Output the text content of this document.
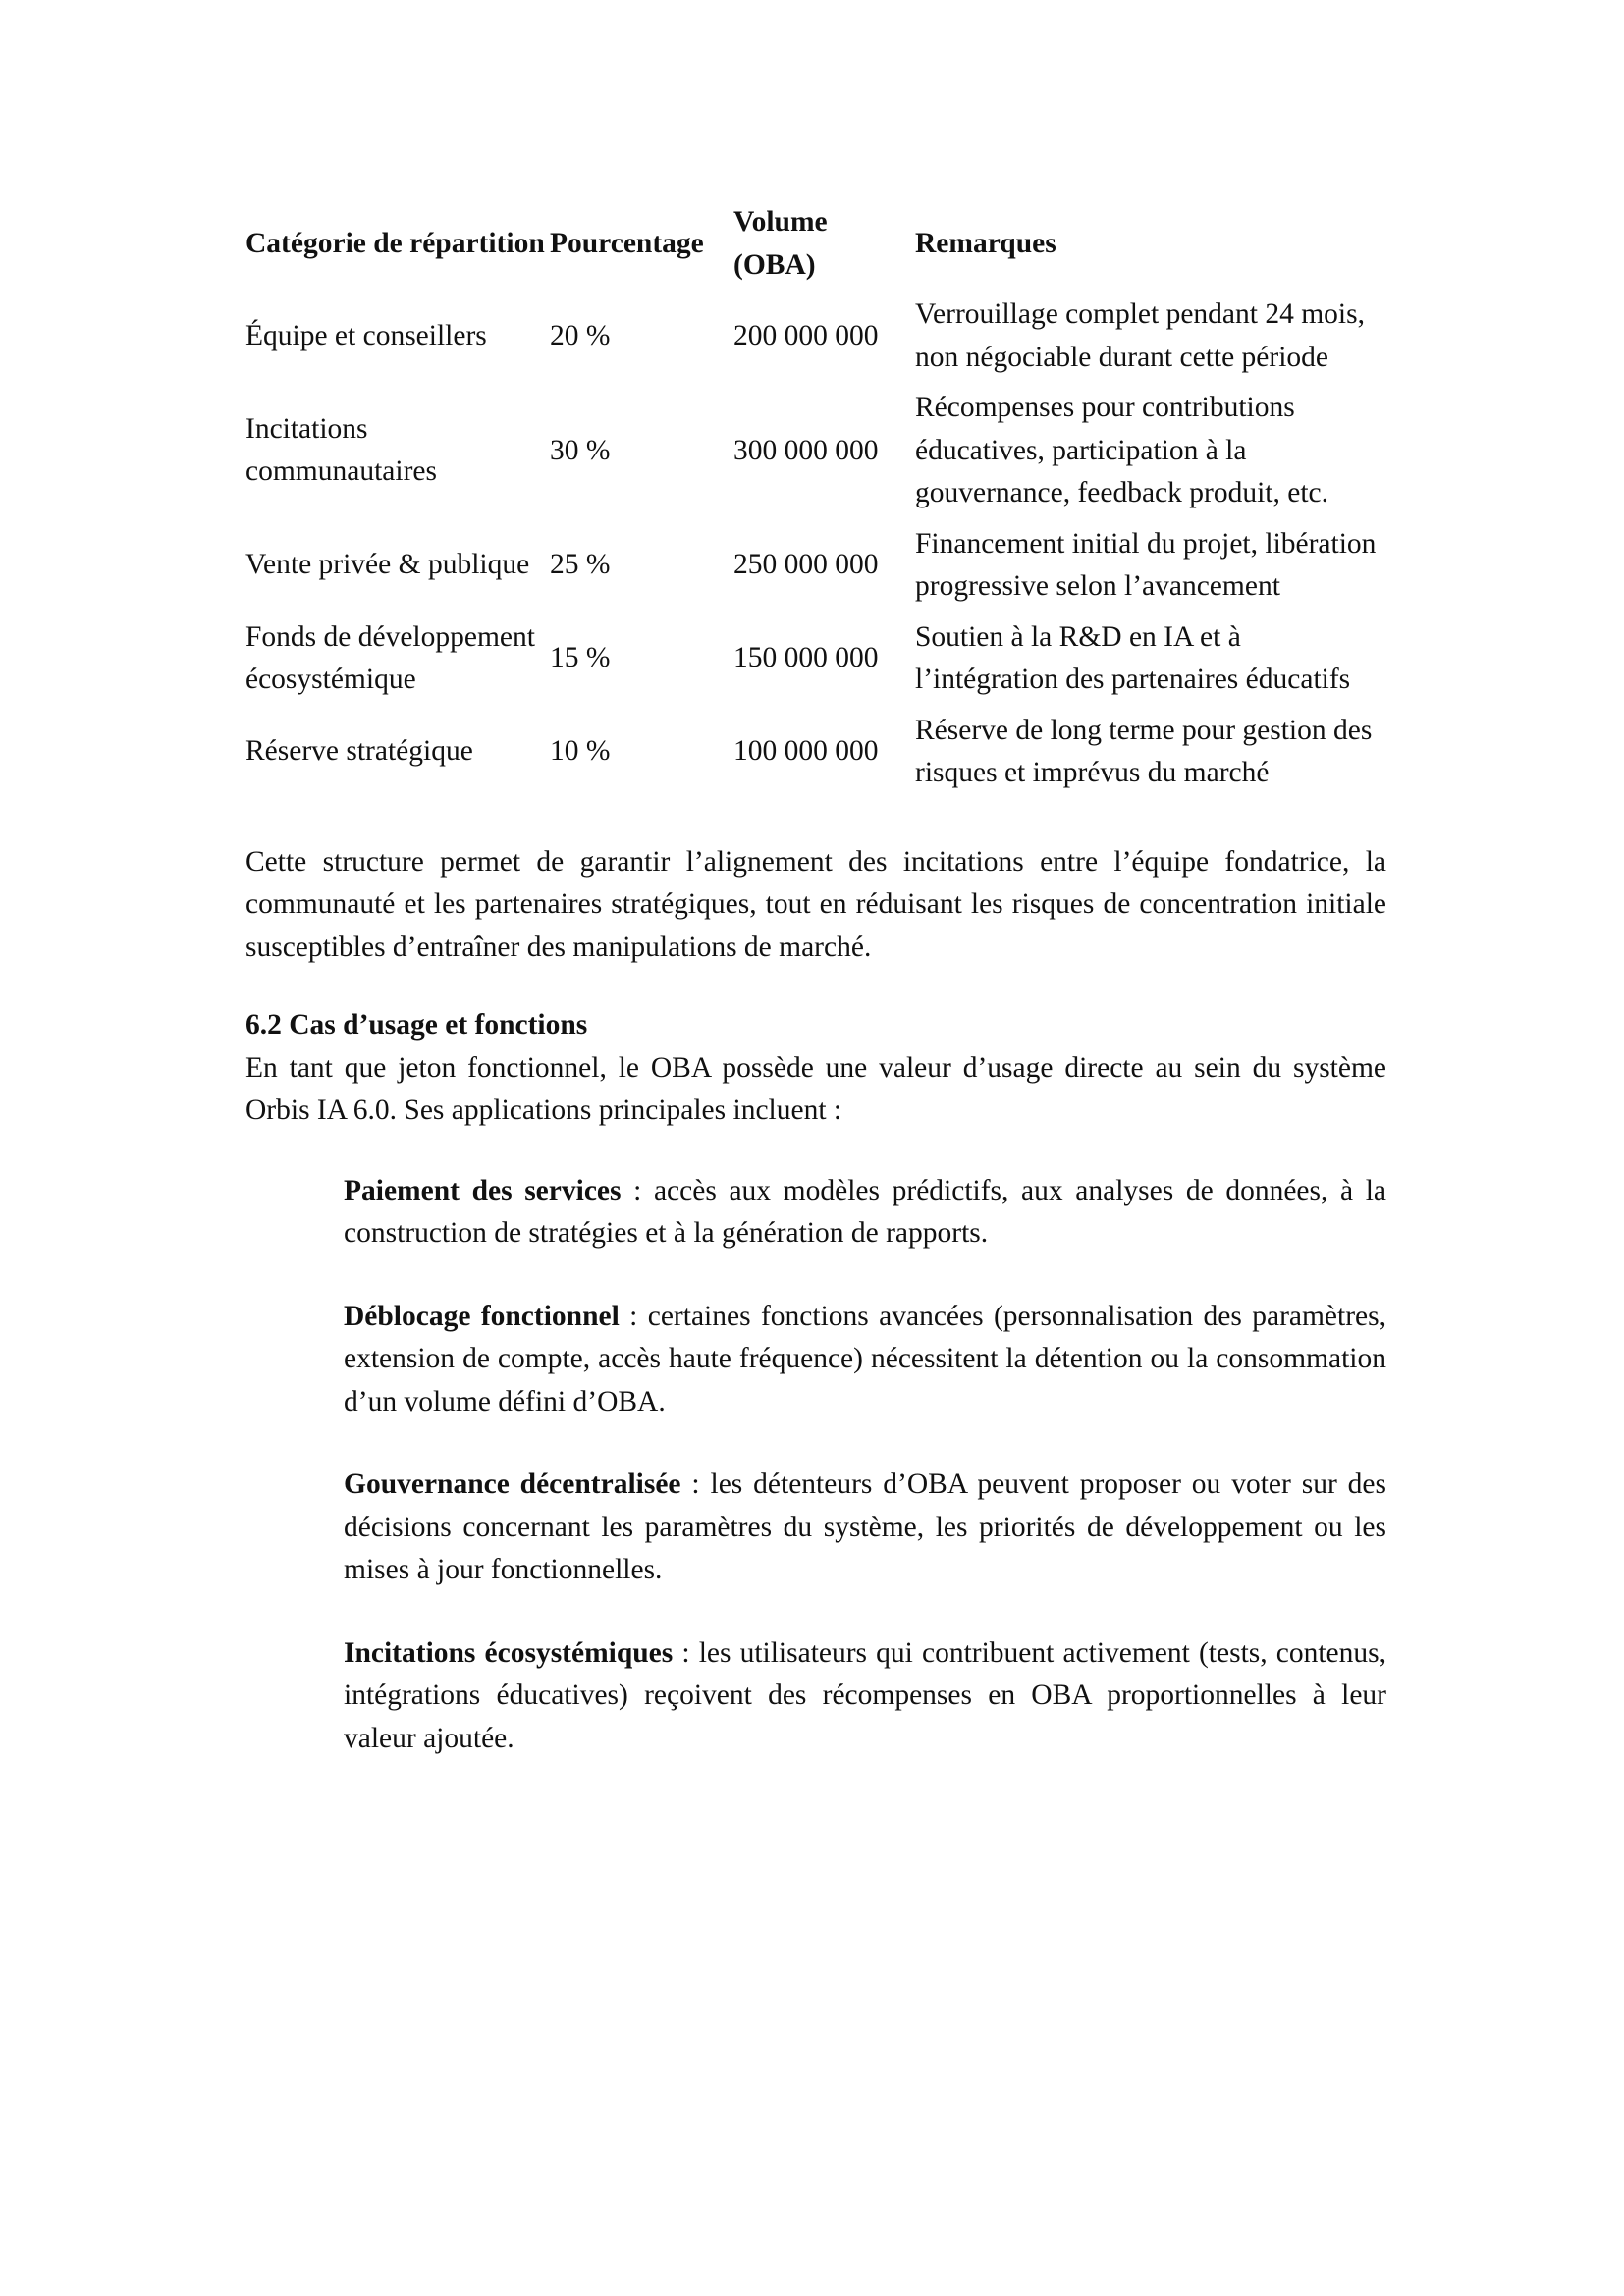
Catégorie de répartition	Pourcentage	Volume (OBA)	Remarques
Équipe et conseillers	20 %	200 000 000	Verrouillage complet pendant 24 mois, non négociable durant cette période
Incitations communautaires	30 %	300 000 000	Récompenses pour contributions éducatives, participation à la gouvernance, feedback produit, etc.
Vente privée & publique	25 %	250 000 000	Financement initial du projet, libération progressive selon l’avancement
Fonds de développement écosystémique	15 %	150 000 000	Soutien à la R&D en IA et à l’intégration des partenaires éducatifs
Réserve stratégique	10 %	100 000 000	Réserve de long terme pour gestion des risques et imprévus du marché

Cette structure permet de garantir l’alignement des incitations entre l’équipe fondatrice, la communauté et les partenaires stratégiques, tout en réduisant les risques de concentration initiale susceptibles d’entraîner des manipulations de marché.

6.2 Cas d’usage et fonctions

En tant que jeton fonctionnel, le OBA possède une valeur d’usage directe au sein du système Orbis IA 6.0. Ses applications principales incluent :

Paiement des services : accès aux modèles prédictifs, aux analyses de données, à la construction de stratégies et à la génération de rapports.

Déblocage fonctionnel : certaines fonctions avancées (personnalisation des paramètres, extension de compte, accès haute fréquence) nécessitent la détention ou la consommation d’un volume défini d’OBA.

Gouvernance décentralisée : les détenteurs d’OBA peuvent proposer ou voter sur des décisions concernant les paramètres du système, les priorités de développement ou les mises à jour fonctionnelles.

Incitations écosystémiques : les utilisateurs qui contribuent activement (tests, contenus, intégrations éducatives) reçoivent des récompenses en OBA proportionnelles à leur valeur ajoutée.
